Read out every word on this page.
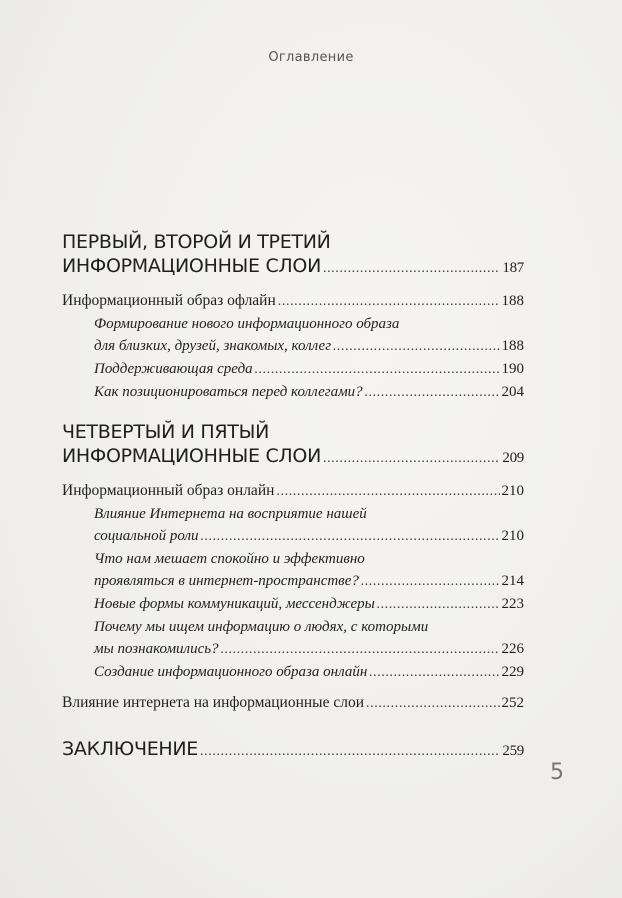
Оглавление
ПЕРВЫЙ, ВТОРОЙ И ТРЕТИЙ
ИНФОРМАЦИОННЫЕ СЛОИ .....	187
Информационный образ офлайн .....	188
Формирование нового информационного образа
для близких, друзей, знакомых, коллег .....	188
Поддерживающая среда .....	190
Как позиционироваться перед коллегами? .....	204
ЧЕТВЕРТЫЙ И ПЯТЫЙ
ИНФОРМАЦИОННЫЕ СЛОИ .....	209
Информационный образ онлайн .....	210
Влияние Интернета на восприятие нашей
социальной роли .....	210
Что нам мешает спокойно и эффективно
проявляться в интернет-пространстве? .....	214
Новые формы коммуникаций, мессенджеры .....	223
Почему мы ищем информацию о людях, с которыми
мы познакомились? .....	226
Создание информационного образа онлайн .....	229
Влияние интернета на информационные слои .....	252
ЗАКЛЮЧЕНИЕ .....	259
5
